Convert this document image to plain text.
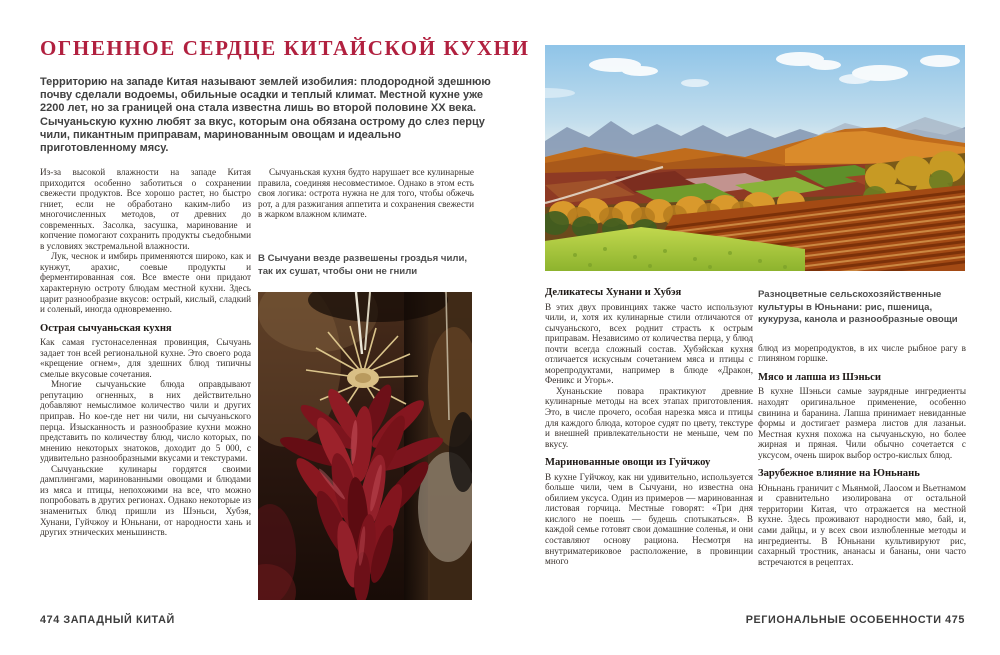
ОГНЕННОЕ СЕРДЦЕ КИТАЙСКОЙ КУХНИ
Территорию на западе Китая называют землей изобилия: плодородной здешнюю почву сделали водоемы, обильные осадки и теплый климат. Местной кухне уже 2200 лет, но за границей она стала известна лишь во второй половине XX века. Сычуаньскую кухню любят за вкус, которым она обязана острому до слез перцу чили, пикантным приправам, маринованным овощам и идеально приготовленному мясу.

Из-за высокой влажности на западе Китая приходится особенно заботиться о сохранении свежести продуктов. Все хорошо растет, но быстро гниет, если не обработано каким-либо из многочисленных методов, от древних до современных. Засолка, засушка, маринование и копчение помогают сохранить продукты съедобными в условиях экстремальной влажности.

Лук, чеснок и имбирь применяются широко, как и кунжут, арахис, соевые продукты и ферментированная соя. Все вместе они придают характерную остроту блюдам местной кухни. Здесь царит разнообразие вкусов: острый, кислый, сладкий и соленый, иногда одновременно.

Острая сычуаньская кухня

Как самая густонаселенная провинция, Сычуань задает тон всей региональной кухне. Это своего рода «крещение огнем», для здешних блюд типичны смелые вкусовые сочетания.

Многие сычуаньские блюда оправдывают репутацию огненных, в них действительно добавляют немыслимое количество чили и других приправ. Но кое-где нет ни чили, ни сычуаньского перца. Изысканность и разнообразие кухни можно представить по количеству блюд, число которых, по мнению некоторых знатоков, доходит до 5 000, с удивительно разнообразными вкусами и текстурами.

Сычуаньские кулинары гордятся своими дамплингами, маринованными овощами и блюдами из мяса и птицы, непохожими на все, что можно попробовать в других регионах. Однако некоторые из знаменитых блюд пришли из Шэньси, Хубэя, Хунани, Гуйчжоу и Юньнани, от народности хань и других этнических меньшинств.

Сычуаньская кухня будто нарушает все кулинарные правила, соединяя несовместимое. Однако в этом есть своя логика: острота нужна не для того, чтобы обжечь рот, а для разжигания аппетита и сохранения свежести в жарком влажном климате.

В Сычуани везде развешены гроздья чили, так их сушат, чтобы они не гнили
474 ЗАПАДНЫЙ КИТАЙ
Деликатесы Хунани и Хубэя

В этих двух провинциях также часто используют чили, и, хотя их кулинарные стили отличаются от сычуаньского, всех роднит страсть к острым приправам. Независимо от количества перца, у блюд почти всегда сложный состав. Хубэйская кухня отличается искусным сочетанием мяса и птицы с морепродуктами, например в блюде «Дракон, Феникс и Угорь».

Хунаньские повара практикуют древние кулинарные методы на всех этапах приготовления. Это, в числе прочего, особая нарезка мяса и птицы для каждого блюда, которое судят по цвету, текстуре и внешней привлекательности не меньше, чем по вкусу.

Маринованные овощи из Гуйчжоу

В кухне Гуйчжоу, как ни удивительно, используется больше чили, чем в Сычуани, но известна она обилием уксуса. Один из примеров — маринованная листовая горчица. Местные говорят: «Три дня кислого не поешь — будешь спотыкаться». В каждой семье готовят свои домашние соленья, и они составляют основу рациона. Несмотря на внутриматериковое расположение, в провинции много

Разноцветные сельскохозяйственные культуры в Юньнани: рис, пшеница, кукуруза, канола и разнообразные овощи

блюд из морепродуктов, в их числе рыбное рагу в глиняном горшке.

Мясо и лапша из Шэньси

В кухне Шэньси самые заурядные ингредиенты находят оригинальное применение, особенно свинина и баранина. Лапша принимает невиданные формы и достигает размера листов для лазаньи. Местная кухня похожа на сычуаньскую, но более жирная и пряная. Чили обычно сочетается с уксусом, очень широк выбор остро-кислых блюд.

Зарубежное влияние на Юньнань

Юньнань граничит с Мьянмой, Лаосом и Вьетнамом и сравнительно изолирована от остальной территории Китая, что отражается на местной кухне. Здесь проживают народности мяо, бай, и, сами дайцы, и у всех свои излюбленные методы и ингредиенты. В Юньнани культивируют рис, сахарный тростник, ананасы и бананы, они часто встречаются в рецептах.

РЕГИОНАЛЬНЫЕ ОСОБЕННОСТИ 475
